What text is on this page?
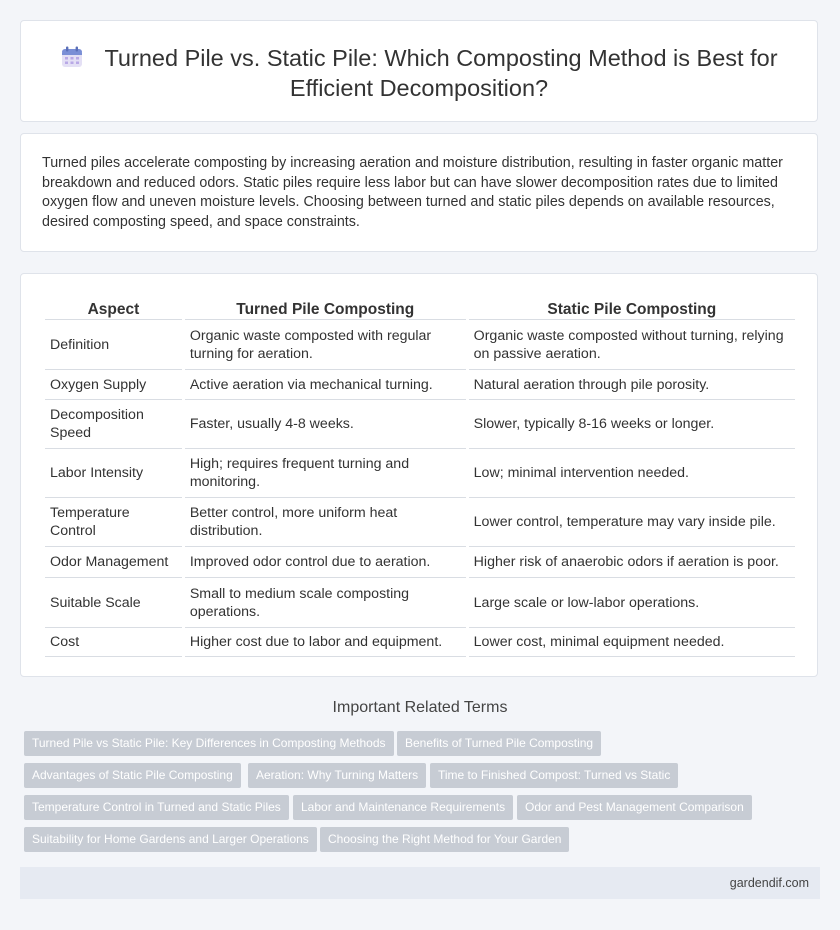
Turned Pile vs. Static Pile: Which Composting Method is Best for Efficient Decomposition?
Turned piles accelerate composting by increasing aeration and moisture distribution, resulting in faster organic matter breakdown and reduced odors. Static piles require less labor but can have slower decomposition rates due to limited oxygen flow and uneven moisture levels. Choosing between turned and static piles depends on available resources, desired composting speed, and space constraints.
Aspect	Turned Pile Composting	Static Pile Composting
Definition	Organic waste composted with regular turning for aeration.	Organic waste composted without turning, relying on passive aeration.
Oxygen Supply	Active aeration via mechanical turning.	Natural aeration through pile porosity.
Decomposition Speed	Faster, usually 4-8 weeks.	Slower, typically 8-16 weeks or longer.
Labor Intensity	High; requires frequent turning and monitoring.	Low; minimal intervention needed.
Temperature Control	Better control, more uniform heat distribution.	Lower control, temperature may vary inside pile.
Odor Management	Improved odor control due to aeration.	Higher risk of anaerobic odors if aeration is poor.
Suitable Scale	Small to medium scale composting operations.	Large scale or low-labor operations.
Cost	Higher cost due to labor and equipment.	Lower cost, minimal equipment needed.
Important Related Terms
Turned Pile vs Static Pile: Key Differences in Composting Methods	Benefits of Turned Pile Composting
Advantages of Static Pile Composting	Aeration: Why Turning Matters	Time to Finished Compost: Turned vs Static
Temperature Control in Turned and Static Piles	Labor and Maintenance Requirements	Odor and Pest Management Comparison
Suitability for Home Gardens and Larger Operations	Choosing the Right Method for Your Garden
gardendif.com
